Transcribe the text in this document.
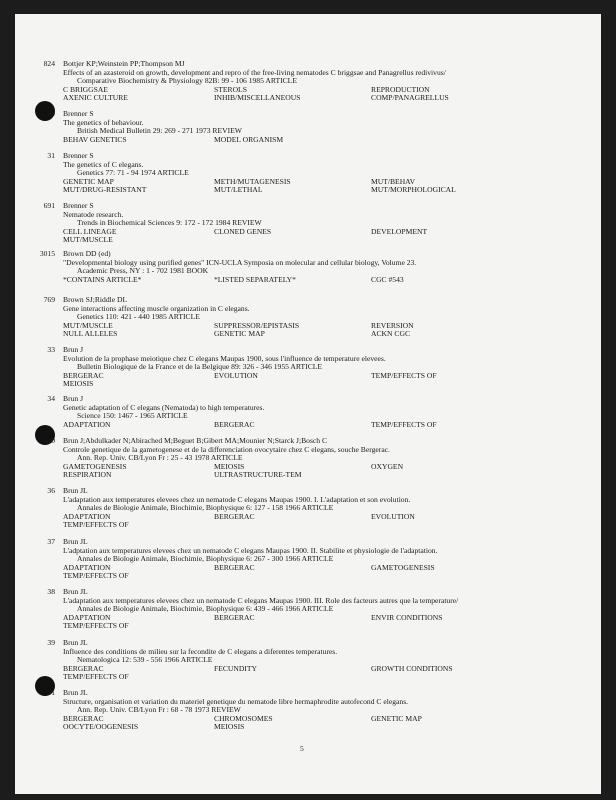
824 Bottjer KP;Weinstein PP;Thompson MJ
Effects of an azasteroid on growth, development and repro of the free-living nematodes C briggsae and Panagrellus redivivus/
Comparative Biochemistry & Physiology 82B: 99 - 106 1985 ARTICLE
C BRIGGSAE	STEROLS	REPRODUCTION
AXENIC CULTURE	INHIB/MISCELLANEOUS	COMP/PANAGRELLUS
30 Brenner S
The genetics of behaviour.
British Medical Bulletin 29: 269 - 271 1973 REVIEW
BEHAV GENETICS	MODEL ORGANISM
31 Brenner S
The genetics of C elegans.
Genetics 77: 71 - 94 1974 ARTICLE
GENETIC MAP	METH/MUTAGENESIS	MUT/BEHAV
MUT/DRUG-RESISTANT	MUT/LETHAL	MUT/MORPHOLOGICAL
691 Brenner S
Nematode research.
Trends in Biochemical Sciences 9: 172 - 172 1984 REVIEW
CELL LINEAGE	CLONED GENES	DEVELOPMENT
MUT/MUSCLE
3015 Brown DD (ed)
"Developmental biology using purified genes" ICN-UCLA Symposia on molecular and cellular biology, Volume 23.
Academic Press, NY : 1 - 702 1981 BOOK
*CONTAINS ARTICLE*	*LISTED SEPARATELY*	CGC #543
769 Brown SJ;Riddle DL
Gene interactions affecting muscle organization in C elegans.
Genetics 110: 421 - 440 1985 ARTICLE
MUT/MUSCLE	SUPPRESSOR/EPISTASIS	REVERSION
NULL ALLELES	GENETIC MAP	ACKN CGC
33 Brun J
Evolution de la prophase meiotique chez C elegans Maupas 1900, sous l'influence de temperature elevees.
Bulletin Biologique de la France et de la Belgique 89: 326 - 346 1955 ARTICLE
BERGERAC	EVOLUTION	TEMP/EFFECTS OF
MEIOSIS
34 Brun J
Genetic adaptation of C elegans (Nematoda) to high temperatures.
Science 150: 1467 - 1965 ARTICLE
ADAPTATION	BERGERAC	TEMP/EFFECTS OF
430 Brun J;Abdulkader N;Abirached M;Beguet B;Gibert MA;Mounier N;Starck J;Bosch C
Controle genetique de la gametogenese et de la differenciation ovocytaire chez C elegans, souche Bergerac.
Ann. Rep. Univ. CB/Lyon Fr : 25 - 43 1978 ARTICLE
GAMETOGENESIS	MEIOSIS	OXYGEN
RESPIRATION	ULTRASTRUCTURE-TEM
36 Brun JL
L'adaptation aux temperatures elevees chez un nematode C elegans Maupas 1900. I. L'adaptation et son evolution.
Annales de Biologie Animale, Biochimie, Biophysique 6: 127 - 158 1966 ARTICLE
ADAPTATION	BERGERAC	EVOLUTION
TEMP/EFFECTS OF
37 Brun JL
L'adptation aux temperatures elevees chez un nematode C elegans Maupas 1900. II. Stabilite et physiologie de l'adaptation.
Annales de Biologie Animale, Biochimie, Biophysique 6: 267 - 300 1966 ARTICLE
ADAPTATION	BERGERAC	GAMETOGENESIS
TEMP/EFFECTS OF
38 Brun JL
L'adaptation aux temperatures elevees chez un nematode C elegans Maupas 1900. III. Role des facteurs autres que la temperature/
Annales de Biologie Animale, Biochimie, Biophysique 6: 439 - 466 1966 ARTICLE
ADAPTATION	BERGERAC	ENVIR CONDITIONS
TEMP/EFFECTS OF
39 Brun JL
Influence des conditions de milieu sur la fecondite de C elegans a diferentes temperatures.
Nematologica 12: 539 - 556 1966 ARTICLE
BERGERAC	FECUNDITY	GROWTH CONDITIONS
TEMP/EFFECTS OF
41 Brun JL
Structure, organisation et variation du materiel genetique du nematode libre hermaphrodite autofecond C elegans.
Ann. Rep. Univ. CB/Lyon Fr : 68 - 78 1973 REVIEW
BERGERAC	CHROMOSOMES	GENETIC MAP
OOCYTE/OOGENESIS	MEIOSIS
5
